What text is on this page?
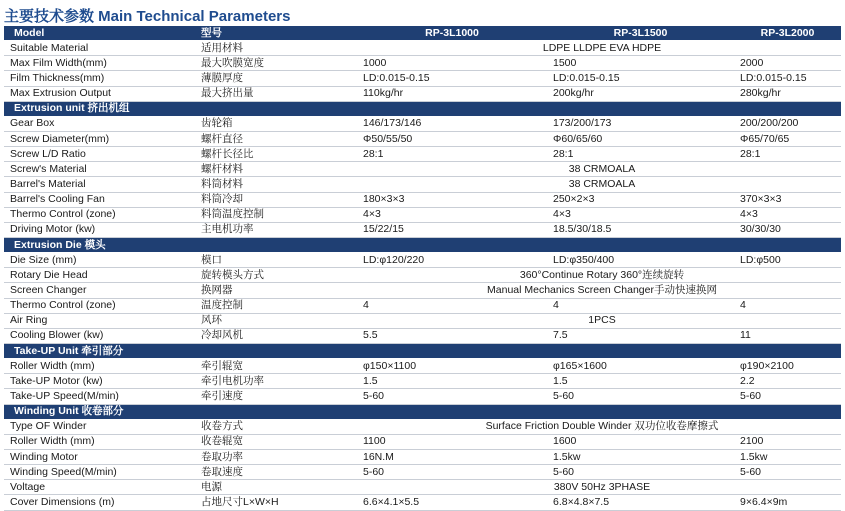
主要技术参数 Main Technical Parameters
Model	型号	RP-3L1000	RP-3L1500	RP-3L2000
Suitable Material	适用材料	LDPE LLDPE EVA HDPE		
Max Film Width(mm)	最大吹膜宽度	1000	1500	2000
Film Thickness(mm)	薄膜厚度	LD:0.015-0.15	LD:0.015-0.15	LD:0.015-0.15
Max Extrusion Output	最大挤出量	110kg/hr	200kg/hr	280kg/hr
Extrusion unit 挤出机组				
Gear Box	齿轮箱	146/173/146	173/200/173	200/200/200
Screw Diameter(mm)	螺杆直径	Φ50/55/50	Φ60/65/60	Φ65/70/65
Screw L/D Ratio	螺杆长径比	28:1	28:1	28:1
Screw's Material	螺杆材料	38 CRMOALA		
Barrel's Material	料筒材料	38 CRMOALA		
Barrel's Cooling Fan	料筒冷却	180×3×3	250×2×3	370×3×3
Thermo Control (zone)	料筒温度控制	4×3	4×3	4×3
Driving Motor (kw)	主电机功率	15/22/15	18.5/30/18.5	30/30/30
Extrusion Die 模头				
Die Size (mm)	模口	LD:φ120/220	LD:φ350/400	LD:φ500
Rotary Die Head	旋转模头方式	360°Continue Rotary 360°连续旋转		
Screen Changer	换网器	Manual Mechanics Screen Changer手动快速换网		
Thermo Control (zone)	温度控制	4	4	4
Air Ring	风环	1PCS		
Cooling Blower (kw)	冷却风机	5.5	7.5	11
Take-UP Unit 牵引部分				
Roller Width (mm)	牵引辊宽	φ150×1100	φ165×1600	φ190×2100
Take-UP Motor (kw)	牵引电机功率	1.5	1.5	2.2
Take-UP Speed(M/min)	牵引速度	5-60	5-60	5-60
Winding Unit 收卷部分				
Type OF Winder	收卷方式	Surface Friction Double Winder 双功位收卷摩擦式		
Roller Width (mm)	收卷辊宽	1100	1600	2100
Winding Motor	卷取功率	16N.M	1.5kw	1.5kw
Winding Speed(M/min)	卷取速度	5-60	5-60	5-60
Voltage	电源	380V 50Hz 3PHASE		
Cover Dimensions (m)	占地尺寸L×W×H	6.6×4.1×5.5	6.8×4.8×7.5	9×6.4×9m
